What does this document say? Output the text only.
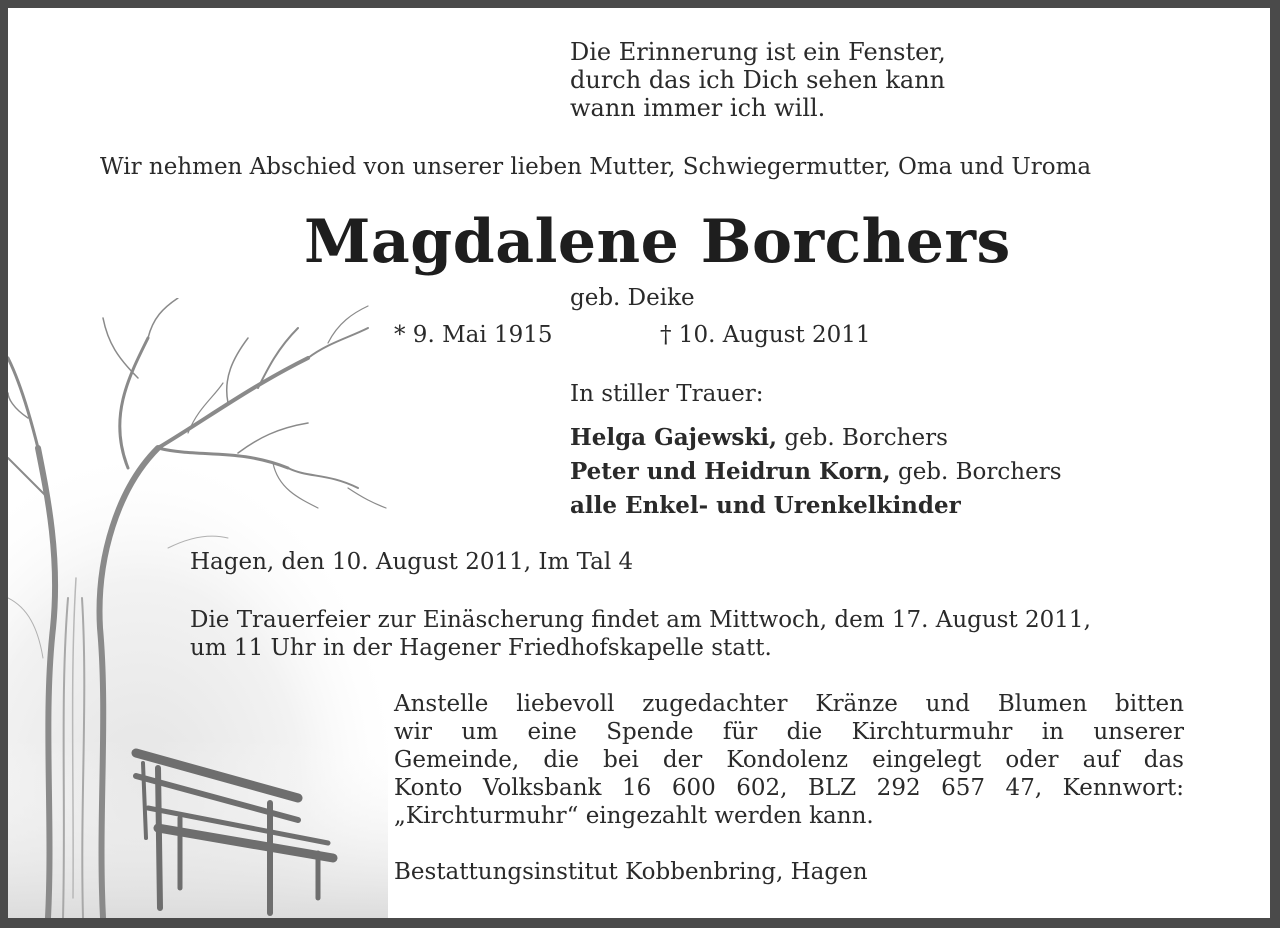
Die Erinnerung ist ein Fenster,
durch das ich Dich sehen kann
wann immer ich will.

Wir nehmen Abschied von unserer lieben Mutter, Schwiegermutter, Oma und Uroma

Magdalene Borchers

geb. Deike

* 9. Mai 1915	† 10. August 2011

In stiller Trauer:

Helga Gajewski, geb. Borchers
Peter und Heidrun Korn, geb. Borchers
alle Enkel- und Urenkelkinder

Hagen, den 10. August 2011, Im Tal 4

Die Trauerfeier zur Einäscherung findet am Mittwoch, dem 17. August 2011,
um 11 Uhr in der Hagener Friedhofskapelle statt.

Anstelle liebevoll zugedachter Kränze und Blumen bitten
wir um eine Spende für die Kirchturmuhr in unserer
Gemeinde, die bei der Kondolenz eingelegt oder auf das
Konto Volksbank 16 600 602, BLZ 292 657 47, Kennwort:
„Kirchturmuhr“ eingezahlt werden kann.

Bestattungsinstitut Kobbenbring, Hagen
